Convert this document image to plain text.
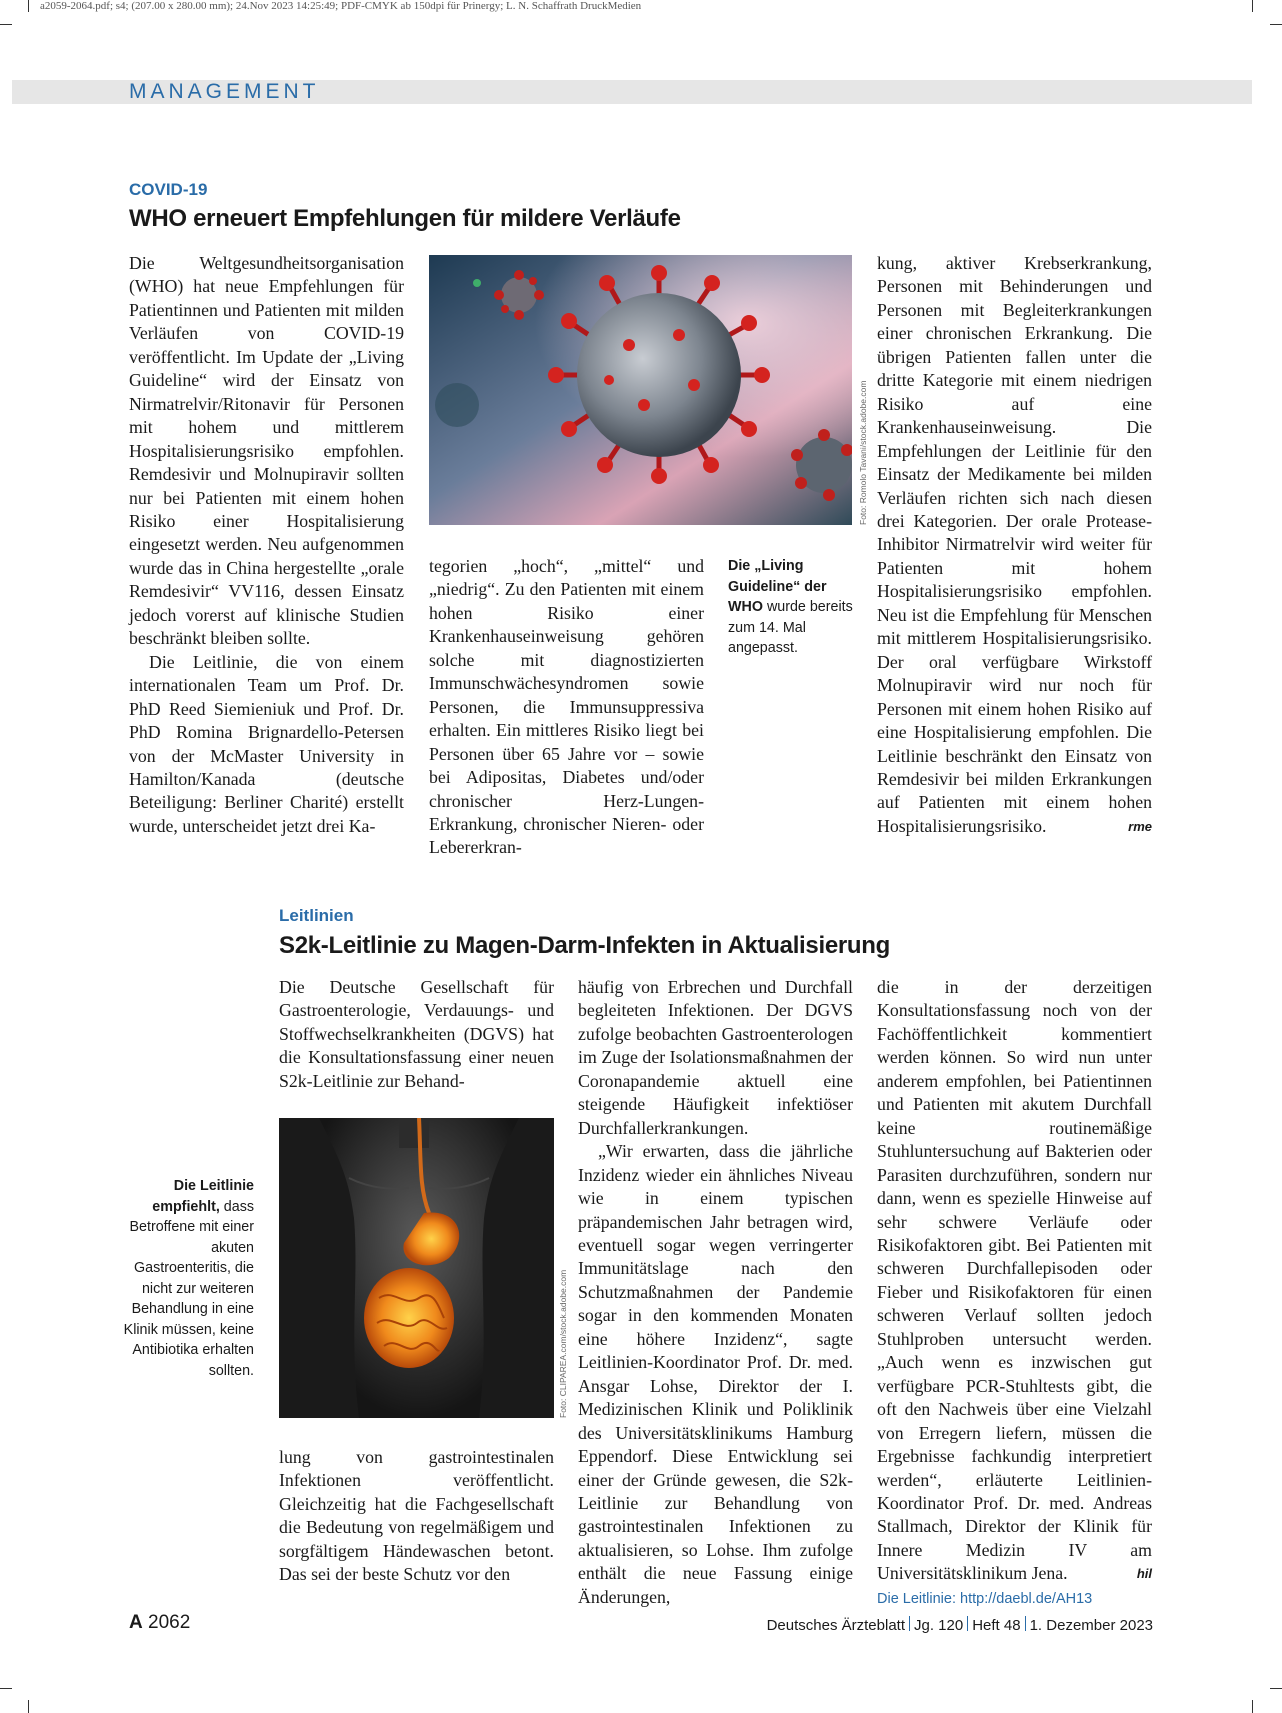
a2059-2064.pdf; s4; (207.00 x 280.00 mm); 24.Nov 2023 14:25:49; PDF-CMYK ab 150dpi für Prinergy; L. N. Schaffrath DruckMedien
MANAGEMENT
COVID-19
WHO erneuert Empfehlungen für mildere Verläufe

Die Weltgesundheitsorganisation (WHO) hat neue Empfehlungen für Patientinnen und Patienten mit milden Verläufen von COVID-19 veröffentlicht. Im Update der „Living Guideline“ wird der Einsatz von Nirmatrelvir/Ritonavir für Personen mit hohem und mittlerem Hospitalisierungsrisiko empfohlen. Remdesivir und Molnupiravir sollten nur bei Patienten mit einem hohen Risiko einer Hospitalisierung eingesetzt werden. Neu aufgenommen wurde das in China hergestellte „orale Remdesivir“ VV116, dessen Einsatz jedoch vorerst auf klinische Studien beschränkt bleiben sollte.

Die Leitlinie, die von einem internationalen Team um Prof. Dr. PhD Reed Siemieniuk und Prof. Dr. PhD Romina Brignardello-Petersen von der McMaster University in Hamilton/Kanada (deutsche Beteiligung: Berliner Charité) erstellt wurde, unterscheidet jetzt drei Ka-

Foto: Romolo Tavani/stock.adobe.com
tegorien „hoch“, „mittel“ und „niedrig“. Zu den Patienten mit einem hohen Risiko einer Krankenhauseinweisung gehören solche mit diagnostizierten Immunschwächesyndromen sowie Personen, die Immunsuppressiva erhalten. Ein mittleres Risiko liegt bei Personen über 65 Jahre vor – sowie bei Adipositas, Diabetes und/oder chronischer Herz-Lungen-Erkrankung, chronischer Nieren- oder Lebererkran-
Die „Living Guideline“ der WHO wurde bereits zum 14. Mal angepasst.

kung, aktiver Krebserkrankung, Personen mit Behinderungen und Personen mit Begleiterkrankungen einer chronischen Erkrankung. Die übrigen Patienten fallen unter die dritte Kategorie mit einem niedrigen Risiko auf eine Krankenhauseinweisung. Die Empfehlungen der Leitlinie für den Einsatz der Medikamente bei milden Verläufen richten sich nach diesen drei Kategorien. Der orale Protease-Inhibitor Nirmatrelvir wird weiter für Patienten mit hohem Hospitalisierungsrisiko empfohlen. Neu ist die Empfehlung für Menschen mit mittlerem Hospitalisierungsrisiko. Der oral verfügbare Wirkstoff Molnupiravir wird nur noch für Personen mit einem hohen Risiko auf eine Hospitalisierung empfohlen. Die Leitlinie beschränkt den Einsatz von Remdesivir bei milden Erkrankungen auf Patienten mit einem hohen Hospitalisierungsrisiko.	rme

Leitlinien
S2k-Leitlinie zu Magen-Darm-Infekten in Aktualisierung
Die Deutsche Gesellschaft für Gastroenterologie, Verdauungs- und Stoffwechselkrankheiten (DGVS) hat die Konsultationsfassung einer neuen S2k-Leitlinie zur Behand-
Foto: CLIPAREA.com/stock.adobe.com
Die Leitlinie empfiehlt, dass Betroffene mit einer akuten Gastroenteritis, die nicht zur weiteren Behandlung in eine Klinik müssen, keine Antibiotika erhalten sollten.
lung von gastrointestinalen Infektionen veröffentlicht. Gleichzeitig hat die Fachgesellschaft die Bedeutung von regelmäßigem und sorgfältigem Händewaschen betont. Das sei der beste Schutz vor den

häufig von Erbrechen und Durchfall begleiteten Infektionen. Der DGVS zufolge beobachten Gastroenterologen im Zuge der Isolationsmaßnahmen der Coronapandemie aktuell eine steigende Häufigkeit infektiöser Durchfallerkrankungen.

„Wir erwarten, dass die jährliche Inzidenz wieder ein ähnliches Niveau wie in einem typischen präpandemischen Jahr betragen wird, eventuell sogar wegen verringerter Immunitätslage nach den Schutzmaßnahmen der Pandemie sogar in den kommenden Monaten eine höhere Inzidenz“, sagte Leitlinien-Koordinator Prof. Dr. med. Ansgar Lohse, Direktor der I. Medizinischen Klinik und Poliklinik des Universitätsklinikums Hamburg Eppendorf. Diese Entwicklung sei einer der Gründe gewesen, die S2k-Leitlinie zur Behandlung von gastrointestinalen Infektionen zu aktualisieren, so Lohse. Ihm zufolge enthält die neue Fassung einige Änderungen,

die in der derzeitigen Konsultationsfassung noch von der Fachöffentlichkeit kommentiert werden können. So wird nun unter anderem empfohlen, bei Patientinnen und Patienten mit akutem Durchfall keine routinemäßige Stuhluntersuchung auf Bakterien oder Parasiten durchzuführen, sondern nur dann, wenn es spezielle Hinweise auf sehr schwere Verläufe oder Risikofaktoren gibt. Bei Patienten mit schweren Durchfallepisoden oder Fieber und Risikofaktoren für einen schweren Verlauf sollten jedoch Stuhlproben untersucht werden. „Auch wenn es inzwischen gut verfügbare PCR-Stuhltests gibt, die oft den Nachweis über eine Vielzahl von Erregern liefern, müssen die Ergebnisse fachkundig interpretiert werden“, erläuterte Leitlinien-Koordinator Prof. Dr. med. Andreas Stallmach, Direktor der Klinik für Innere Medizin IV am Universitätsklinikum Jena.	hil

Die Leitlinie: http://daebl.de/AH13
A 2062	Deutsches Ärzteblatt Jg. 120 Heft 48 1. Dezember 2023
